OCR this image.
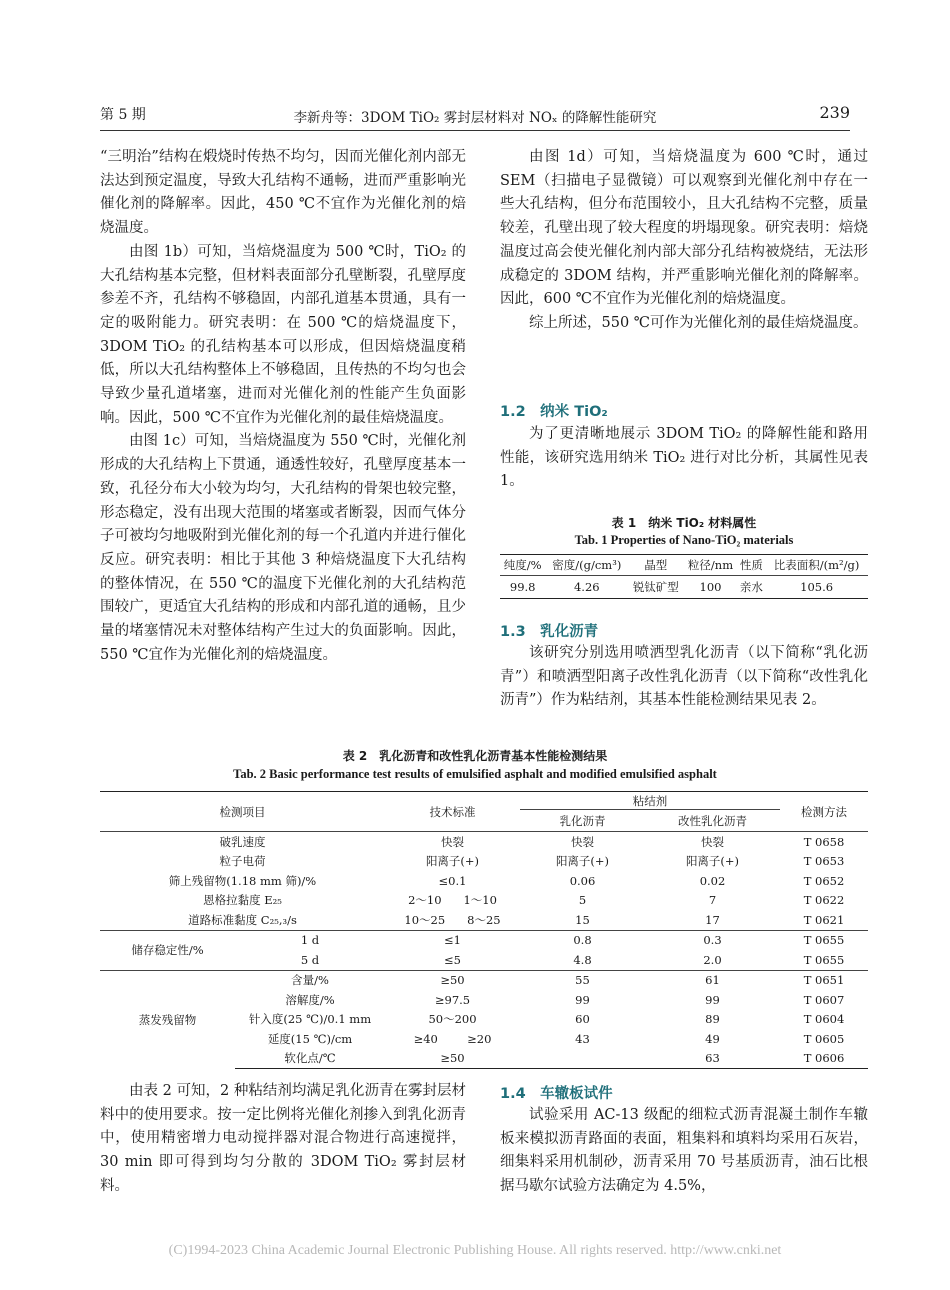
第 5 期	李新舟等：3DOM TiO₂ 雾封层材料对 NOₓ 的降解性能研究	239

“三明治”结构在煅烧时传热不均匀，因而光催化剂内部无法达到预定温度，导致大孔结构不通畅，进而严重影响光催化剂的降解率。因此，450 ℃不宜作为光催化剂的焙烧温度。

由图 1b）可知，当焙烧温度为 500 ℃时，TiO₂ 的大孔结构基本完整，但材料表面部分孔壁断裂，孔壁厚度参差不齐，孔结构不够稳固，内部孔道基本贯通，具有一定的吸附能力。研究表明：在 500 ℃的焙烧温度下，3DOM TiO₂ 的孔结构基本可以形成，但因焙烧温度稍低，所以大孔结构整体上不够稳固，且传热的不均匀也会导致少量孔道堵塞，进而对光催化剂的性能产生负面影响。因此，500 ℃不宜作为光催化剂的最佳焙烧温度。

由图 1c）可知，当焙烧温度为 550 ℃时，光催化剂形成的大孔结构上下贯通，通透性较好，孔壁厚度基本一致，孔径分布大小较为均匀，大孔结构的骨架也较完整，形态稳定，没有出现大范围的堵塞或者断裂，因而气体分子可被均匀地吸附到光催化剂的每一个孔道内并进行催化反应。研究表明：相比于其他 3 种焙烧温度下大孔结构的整体情况，在 550 ℃的温度下光催化剂的大孔结构范围较广，更适宜大孔结构的形成和内部孔道的通畅，且少量的堵塞情况未对整体结构产生过大的负面影响。因此，550 ℃宜作为光催化剂的焙烧温度。

由图 1d）可知，当焙烧温度为 600 ℃时，通过 SEM（扫描电子显微镜）可以观察到光催化剂中存在一些大孔结构，但分布范围较小，且大孔结构不完整，质量较差，孔壁出现了较大程度的坍塌现象。研究表明：焙烧温度过高会使光催化剂内部大部分孔结构被烧结，无法形成稳定的 3DOM 结构，并严重影响光催化剂的降解率。因此，600 ℃不宜作为光催化剂的焙烧温度。

综上所述，550 ℃可作为光催化剂的最佳焙烧温度。

1.2　纳米 TiO₂

为了更清晰地展示 3DOM TiO₂ 的降解性能和路用性能，该研究选用纳米 TiO₂ 进行对比分析，其属性见表 1。

表 1　纳米 TiO₂ 材料属性
Tab. 1 Properties of Nano-TiO₂ materials
纯度/%	密度/(g/cm³)	晶型	粒径/nm	性质	比表面积/(m²/g)
99.8	4.26	锐钛矿型	100	亲水	105.6
1.3　乳化沥青

该研究分别选用喷洒型乳化沥青（以下简称“乳化沥青”）和喷洒型阳离子改性乳化沥青（以下简称“改性乳化沥青”）作为粘结剂，其基本性能检测结果见表 2。

表 2　乳化沥青和改性乳化沥青基本性能检测结果
Tab. 2 Basic performance test results of emulsified asphalt and modified emulsified asphalt
检测项目		技术标准	粘结剂		检测方法
			乳化沥青	改性乳化沥青	
破乳速度		快裂	快裂	快裂	T 0658
粒子电荷		阳离子(+)	阳离子(+)	阳离子(+)	T 0653
筛上残留物(1.18 mm 筛)/%		≤0.1	0.06	0.02	T 0652
恩格拉黏度 E₂₅		2～10 1～10	5	7	T 0622
道路标准黏度 C₂₅,₃/s		10～25 8～25	15	17	T 0621
储存稳定性/%	1 d	≤1	0.8	0.3	T 0655
	5 d	≤5	4.8	2.0	T 0655
蒸发残留物	含量/%	≥50	55	61	T 0651
	溶解度/%	≥97.5	99	99	T 0607
	针入度(25 ℃)/0.1 mm	50～200	60	89	T 0604
	延度(15 ℃)/cm	≥40 ≥20	43	49	T 0605
	软化点/℃	≥50		63	T 0606

由表 2 可知，2 种粘结剂均满足乳化沥青在雾封层材料中的使用要求。按一定比例将光催化剂掺入到乳化沥青中，使用精密增力电动搅拌器对混合物进行高速搅拌，30 min 即可得到均匀分散的 3DOM TiO₂ 雾封层材料。

1.4　车辙板试件

试验采用 AC-13 级配的细粒式沥青混凝土制作车辙板来模拟沥青路面的表面，粗集料和填料均采用石灰岩，细集料采用机制砂，沥青采用 70 号基质沥青，油石比根据马歇尔试验方法确定为 4.5%，

(C)1994-2023 China Academic Journal Electronic Publishing House. All rights reserved. http://www.cnki.net
